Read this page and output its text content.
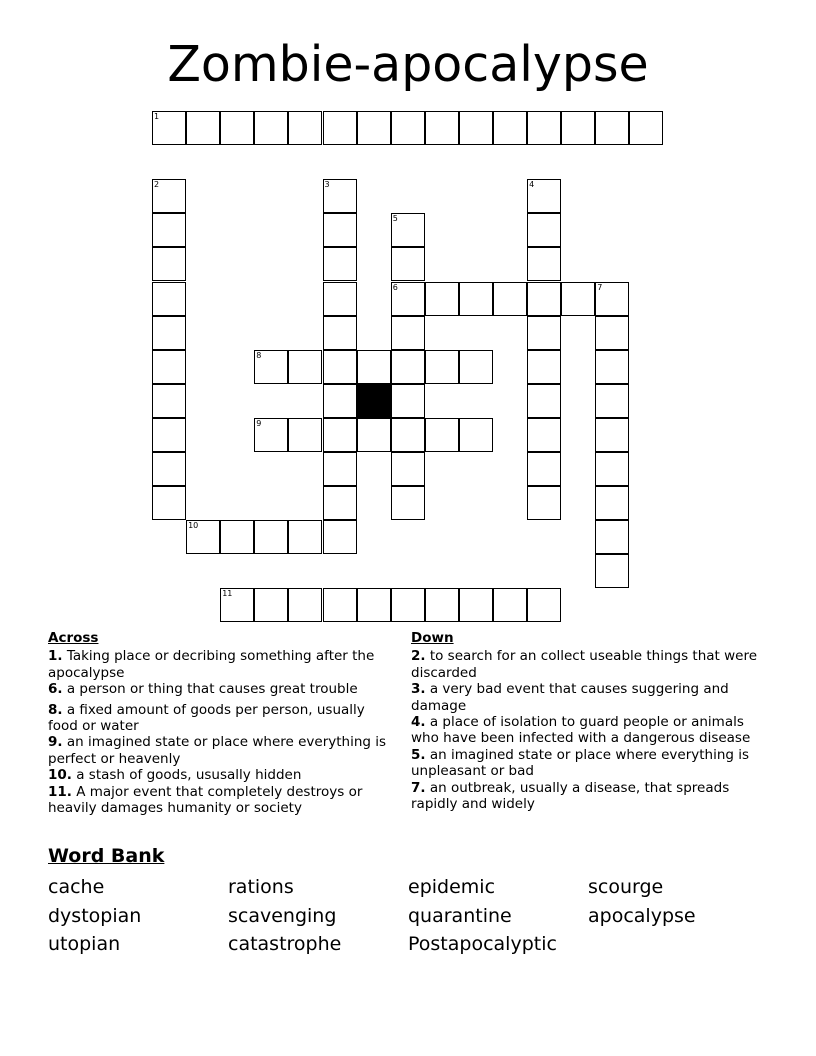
Zombie-apocalypse
1
2	3	4
5
6	7
8
9
10
11
Across
1. Taking place or decribing something after the apocalypse
6. a person or thing that causes great trouble
8. a fixed amount of goods per person, usually food or water
9. an imagined state or place where everything is perfect or heavenly
10. a stash of goods, ususally hidden
11. A major event that completely destroys or heavily damages humanity or society
Down
2. to search for an collect useable things that were discarded
3. a very bad event that causes suggering and damage
4. a place of isolation to guard people or animals who have been infected with a dangerous disease
5. an imagined state or place where everything is unpleasant or bad
7. an outbreak, usually a disease, that spreads rapidly and widely
Word Bank
cache	rations	epidemic	scourge
dystopian	scavenging	quarantine	apocalypse
utopian	catastrophe	Postapocalyptic
